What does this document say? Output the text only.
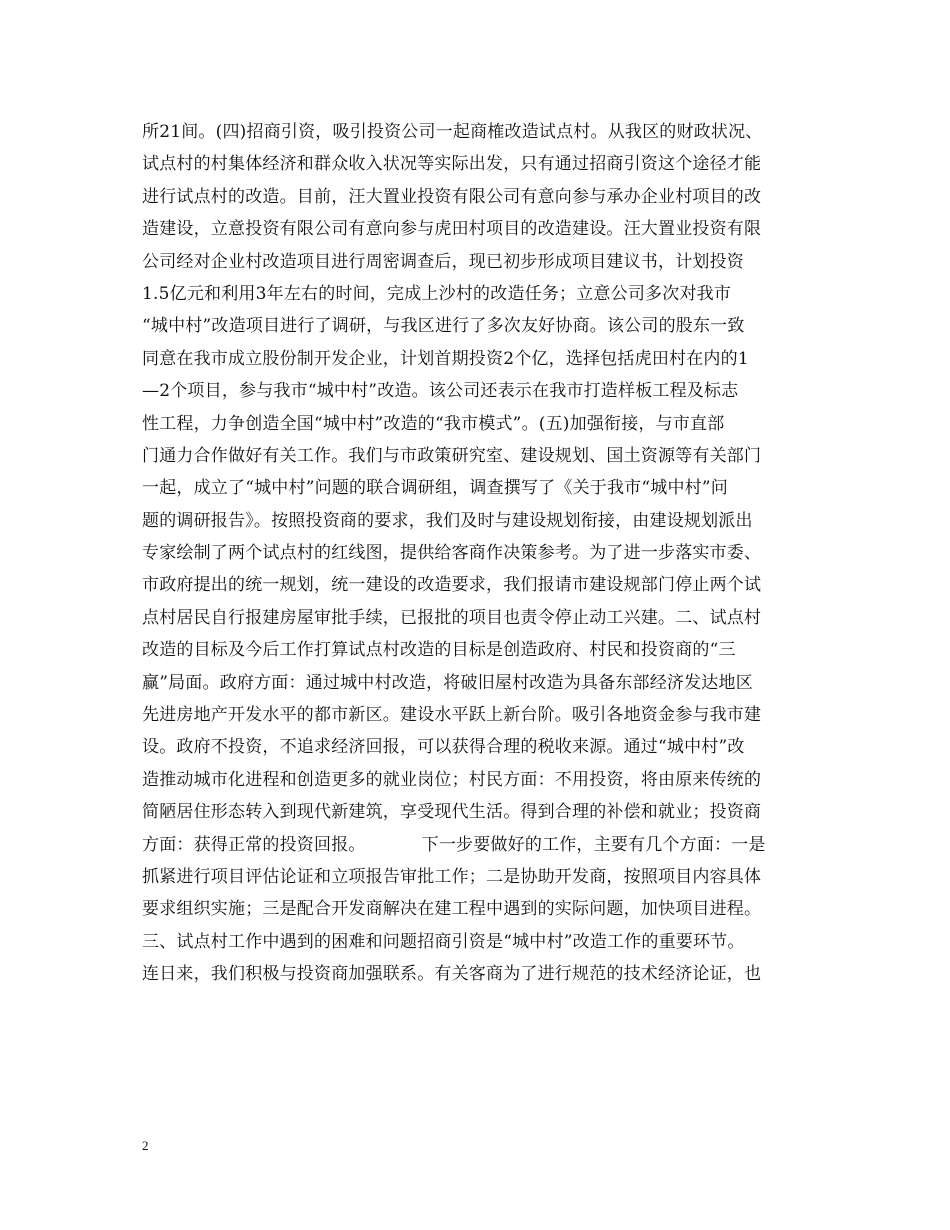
所21间。(四)招商引资，吸引投资公司一起商榷改造试点村。从我区的财政状况、
试点村的村集体经济和群众收入状况等实际出发，只有通过招商引资这个途径才能
进行试点村的改造。目前，汪大置业投资有限公司有意向参与承办企业村项目的改
造建设，立意投资有限公司有意向参与虎田村项目的改造建设。汪大置业投资有限
公司经对企业村改造项目进行周密调查后，现已初步形成项目建议书，计划投资
1.5亿元和利用3年左右的时间，完成上沙村的改造任务；立意公司多次对我市
“城中村”改造项目进行了调研，与我区进行了多次友好协商。该公司的股东一致
同意在我市成立股份制开发企业，计划首期投资2个亿，选择包括虎田村在内的1
—2个项目，参与我市“城中村”改造。该公司还表示在我市打造样板工程及标志
性工程，力争创造全国“城中村”改造的“我市模式”。(五)加强衔接，与市直部
门通力合作做好有关工作。我们与市政策研究室、建设规划、国土资源等有关部门
一起，成立了“城中村”问题的联合调研组，调查撰写了《关于我市“城中村”问
题的调研报告》。按照投资商的要求，我们及时与建设规划衔接，由建设规划派出
专家绘制了两个试点村的红线图，提供给客商作决策参考。为了进一步落实市委、
市政府提出的统一规划，统一建设的改造要求，我们报请市建设规部门停止两个试
点村居民自行报建房屋审批手续，已报批的项目也责令停止动工兴建。二、试点村
改造的目标及今后工作打算试点村改造的目标是创造政府、村民和投资商的“三
赢”局面。政府方面：通过城中村改造，将破旧屋村改造为具备东部经济发达地区
先进房地产开发水平的都市新区。建设水平跃上新台阶。吸引各地资金参与我市建
设。政府不投资，不追求经济回报，可以获得合理的税收来源。通过“城中村”改
造推动城市化进程和创造更多的就业岗位；村民方面：不用投资，将由原来传统的
简陋居住形态转入到现代新建筑，享受现代生活。得到合理的补偿和就业；投资商
方面：获得正常的投资回报。          下一步要做好的工作，主要有几个方面：一是
抓紧进行项目评估论证和立项报告审批工作；二是协助开发商，按照项目内容具体
要求组织实施；三是配合开发商解决在建工程中遇到的实际问题，加快项目进程。
三、试点村工作中遇到的困难和问题招商引资是“城中村”改造工作的重要环节。
连日来，我们积极与投资商加强联系。有关客商为了进行规范的技术经济论证，也
2
